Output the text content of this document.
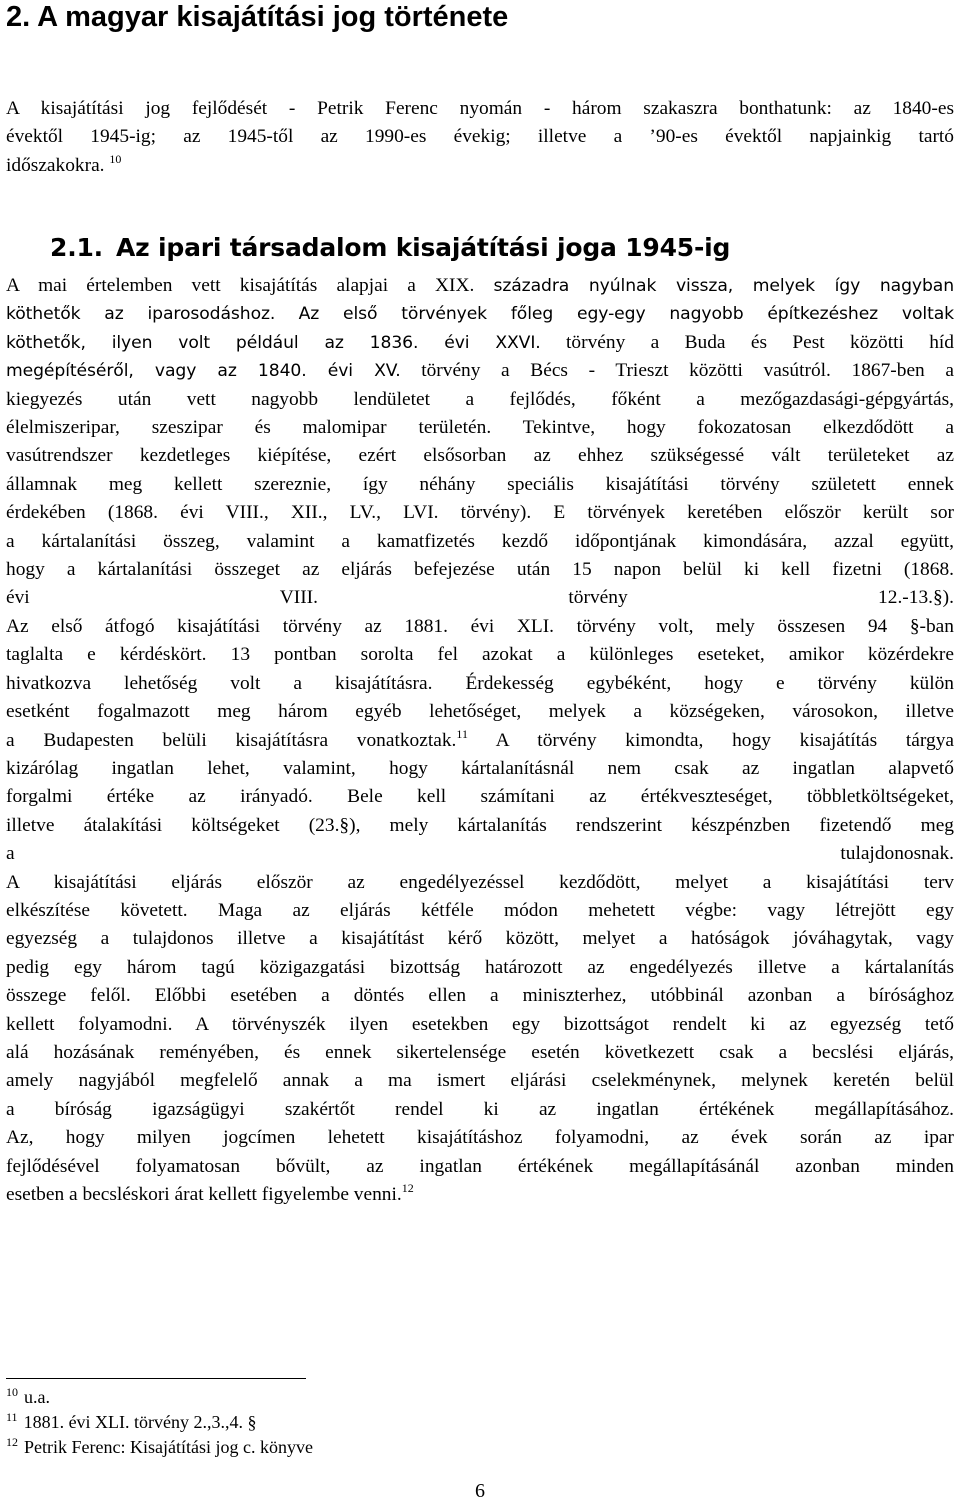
2. A magyar kisajátítási jog története
A kisajátítási jog fejlődését - Petrik Ferenc nyomán - három szakaszra bonthatunk: az 1840-es
évektől 1945-ig; az 1945-től az 1990-es évekig; illetve a ’90-es évektől napjainkig tartó
időszakokra. $^{10}$
2.1. Az ipari társadalom kisajátítási joga 1945-ig
A mai értelemben vett kisajátítás alapjai a XIX. századra nyúlnak vissza, melyek így nagyban
köthetők az iparosodáshoz. Az első törvények főleg egy-egy nagyobb építkezéshez voltak
köthetők, ilyen volt például az 1836. évi XXVI. törvény a Buda és Pest közötti híd
megépítéséről, vagy az 1840. évi XV. törvény a Bécs - Trieszt közötti vasútról. 1867-ben a
kiegyezés után vett nagyobb lendületet a fejlődés, főként a mezőgazdasági-gépgyártás,
élelmiszeripar, szeszipar és malomipar területén. Tekintve, hogy fokozatosan elkezdődött a
vasútrendszer kezdetleges kiépítése, ezért elsősorban az ehhez szükségessé vált területeket az
államnak meg kellett szereznie, így néhány speciális kisajátítási törvény született ennek
érdekében (1868. évi VIII., XII., LV., LVI. törvény). E törvények keretében először került sor
a kártalanítási összeg, valamint a kamatfizetés kezdő időpontjának kimondására, azzal együtt,
hogy a kártalanítási összeget az eljárás befejezése után 15 napon belül ki kell fizetni (1868.
évi	VIII.	törvény	12.-13.§).
Az első átfogó kisajátítási törvény az 1881. évi XLI. törvény volt, mely összesen 94 §-ban
taglalta e kérdéskört. 13 pontban sorolta fel azokat a különleges eseteket, amikor közérdekre
hivatkozva lehetőség volt a kisajátításra. Érdekesség egybéként, hogy e törvény külön
esetként fogalmazott meg három egyéb lehetőséget, melyek a községeken, városokon, illetve
a Budapesten belüli kisajátításra vonatkoztak.$^{11}$ A törvény kimondta, hogy kisajátítás tárgya
kizárólag ingatlan lehet, valamint, hogy kártalanításnál nem csak az ingatlan alapvető
forgalmi értéke az irányadó. Bele kell számítani az értékveszteséget, többletköltségeket,
illetve átalakítási költségeket (23.§), mely kártalanítás rendszerint készpénzben fizetendő meg
a	tulajdonosnak.
A kisajátítási eljárás először az engedélyezéssel kezdődött, melyet a kisajátítási terv
elkészítése követett. Maga az eljárás kétféle módon mehetett végbe: vagy létrejött egy
egyezség a tulajdonos illetve a kisajátítást kérő között, melyet a hatóságok jóváhagytak, vagy
pedig egy három tagú közigazgatási bizottság határozott az engedélyezés illetve a kártalanítás
összege felől. Előbbi esetében a döntés ellen a miniszterhez, utóbbinál azonban a bírósághoz
kellett folyamodni. A törvényszék ilyen esetekben egy bizottságot rendelt ki az egyezség tető
alá hozásának reményében, és ennek sikertelensége esetén következett csak a becslési eljárás,
amely nagyjából megfelelő annak a ma ismert eljárási cselekménynek, melynek keretén belül
a bíróság igazságügyi szakértőt rendel ki az ingatlan értékének megállapításához.
Az, hogy milyen jogcímen lehetett kisajátításhoz folyamodni, az évek során az ipar
fejlődésével folyamatosan bővült, az ingatlan értékének megállapításánál azonban minden
esetben a becsléskori árat kellett figyelembe venni.$^{12}$
$^{10}$ u.a.
$^{11}$ 1881. évi XLI. törvény 2.,3.,4. §
$^{12}$ Petrik Ferenc: Kisajátítási jog c. könyve
6
